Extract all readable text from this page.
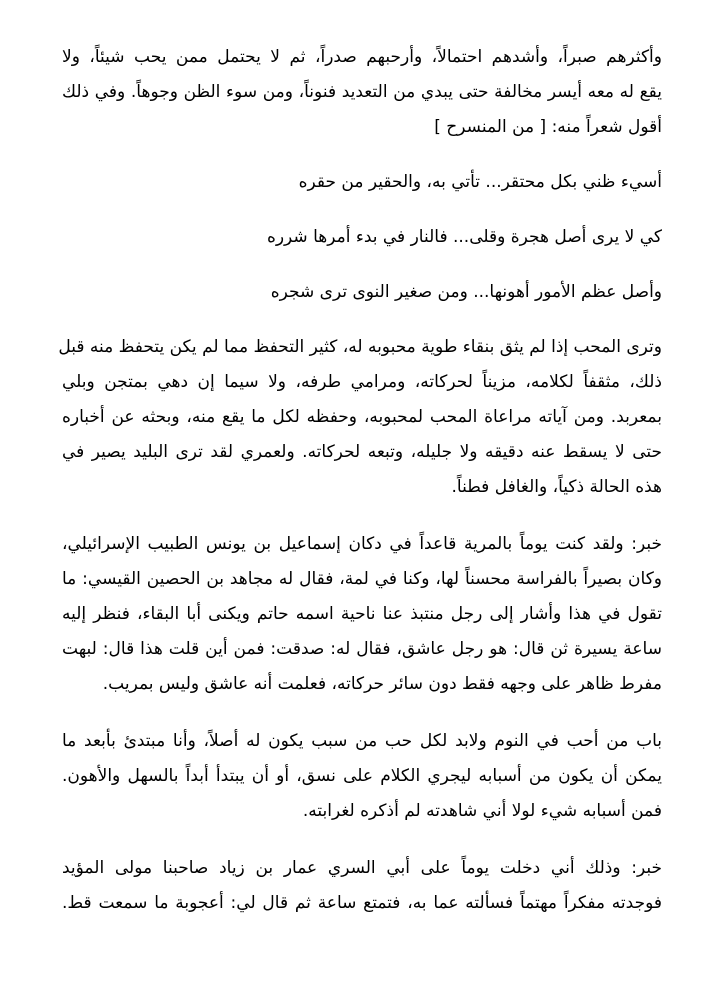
وأكثرهم صبراً، وأشدهم احتمالاً، وأرحبهم صدراً، ثم لا يحتمل ممن يحب شيئاً، ولا
يقع له معه أيسر مخالفة حتى يبدي من التعديد فنوناً، ومن سوء الظن وجوهاً. وفي ذلك
أقول شعراً منه: [ من المنسرح ]
أسيء ظني بكل محتقر... تأتي به، والحقير من حقره
كي لا يرى أصل هجرة وقلى... فالنار في بدء أمرها شرره
وأصل عظم الأمور أهونها... ومن صغير النوى ترى شجره
وترى المحب إذا لم يثق بنقاء طوية محبوبه له، كثير التحفظ مما لم يكن يتحفظ منه قبل
ذلك، مثقفاً لكلامه، مزيناً لحركاته، ومرامي طرفه، ولا سيما إن دهي بمتجن وبلي
بمعربد. ومن آياته مراعاة المحب لمحبوبه، وحفظه لكل ما يقع منه، وبحثه عن أخباره
حتى لا يسقط عنه دقيقه ولا جليله، وتبعه لحركاته. ولعمري لقد ترى البليد يصير في
هذه الحالة ذكياً، والغافل فطناً.
خبر: ولقد كنت يوماً بالمرية قاعداً في دكان إسماعيل بن يونس الطبيب الإسرائيلي،
وكان بصيراً بالفراسة محسناً لها، وكنا في لمة، فقال له مجاهد بن الحصين القيسي: ما
تقول في هذا وأشار إلى رجل منتبذ عنا ناحية اسمه حاتم ويكنى أبا البقاء، فنظر إليه
ساعة يسيرة ثن قال: هو رجل عاشق، فقال له: صدقت: فمن أين قلت هذا قال: لبهت
مفرط ظاهر على وجهه فقط دون سائر حركاته، فعلمت أنه عاشق وليس بمريب.
باب من أحب في النوم ولابد لكل حب من سبب يكون له أصلاً، وأنا مبتدئ بأبعد ما
يمكن أن يكون من أسبابه ليجري الكلام على نسق، أو أن يبتدأ أبداً بالسهل والأهون.
فمن أسبابه شيء لولا أني شاهدته لم أذكره لغرابته.
خبر: وذلك أني دخلت يوماً على أبي السري عمار بن زياد صاحبنا مولى المؤيد
فوجدته مفكراً مهتماً فسألته عما به، فتمتع ساعة ثم قال لي: أعجوبة ما سمعت قط.
